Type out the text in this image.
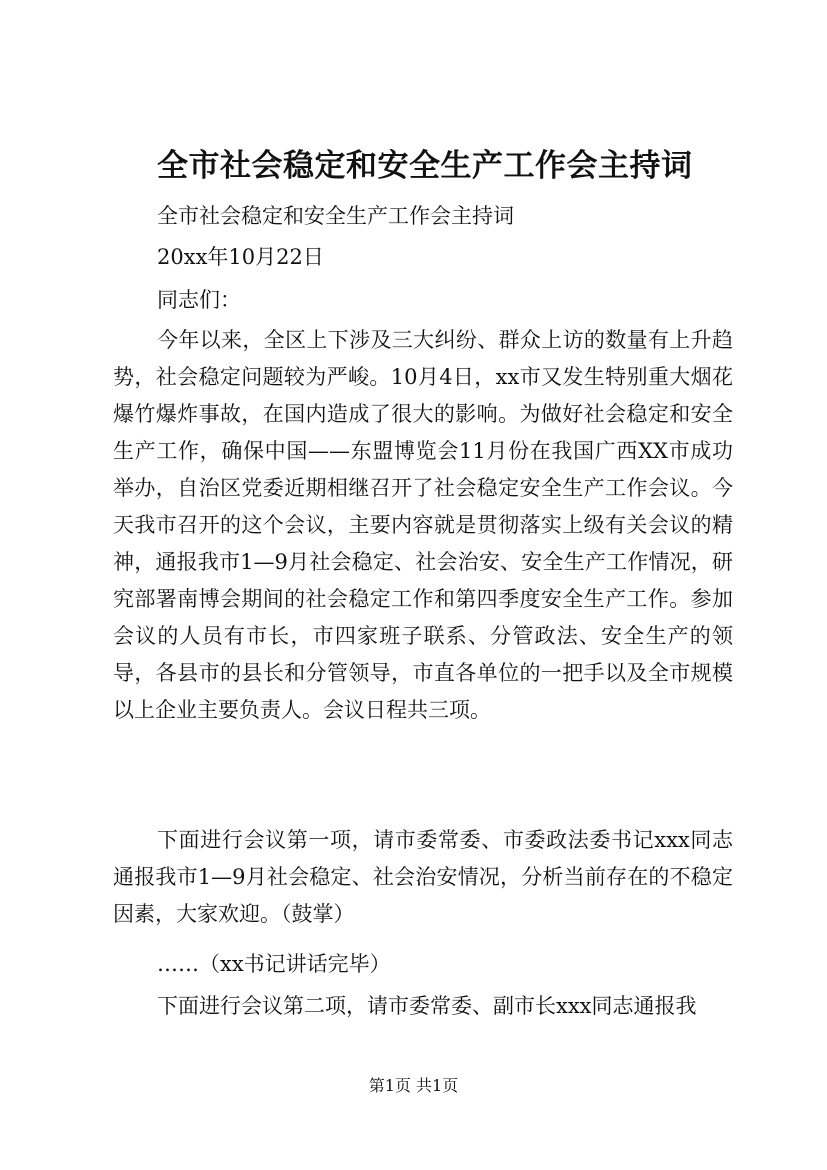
全市社会稳定和安全生产工作会主持词
全市社会稳定和安全生产工作会主持词
20xx年10月22日
同志们：
今年以来，全区上下涉及三大纠纷、群众上访的数量有上升趋势，社会稳定问题较为严峻。10月4日，xx市又发生特别重大烟花爆竹爆炸事故，在国内造成了很大的影响。为做好社会稳定和安全生产工作，确保中国——东盟博览会11月份在我国广西XX市成功举办，自治区党委近期相继召开了社会稳定安全生产工作会议。今天我市召开的这个会议，主要内容就是贯彻落实上级有关会议的精神，通报我市1—9月社会稳定、社会治安、安全生产工作情况，研究部署南博会期间的社会稳定工作和第四季度安全生产工作。参加会议的人员有市长，市四家班子联系、分管政法、安全生产的领导，各县市的县长和分管领导，市直各单位的一把手以及全市规模以上企业主要负责人。会议日程共三项。
下面进行会议第一项，请市委常委、市委政法委书记xxx同志通报我市1—9月社会稳定、社会治安情况，分析当前存在的不稳定因素，大家欢迎。（鼓掌）
……（xx书记讲话完毕）
下面进行会议第二项，请市委常委、副市长xxx同志通报我
第1页 共1页
